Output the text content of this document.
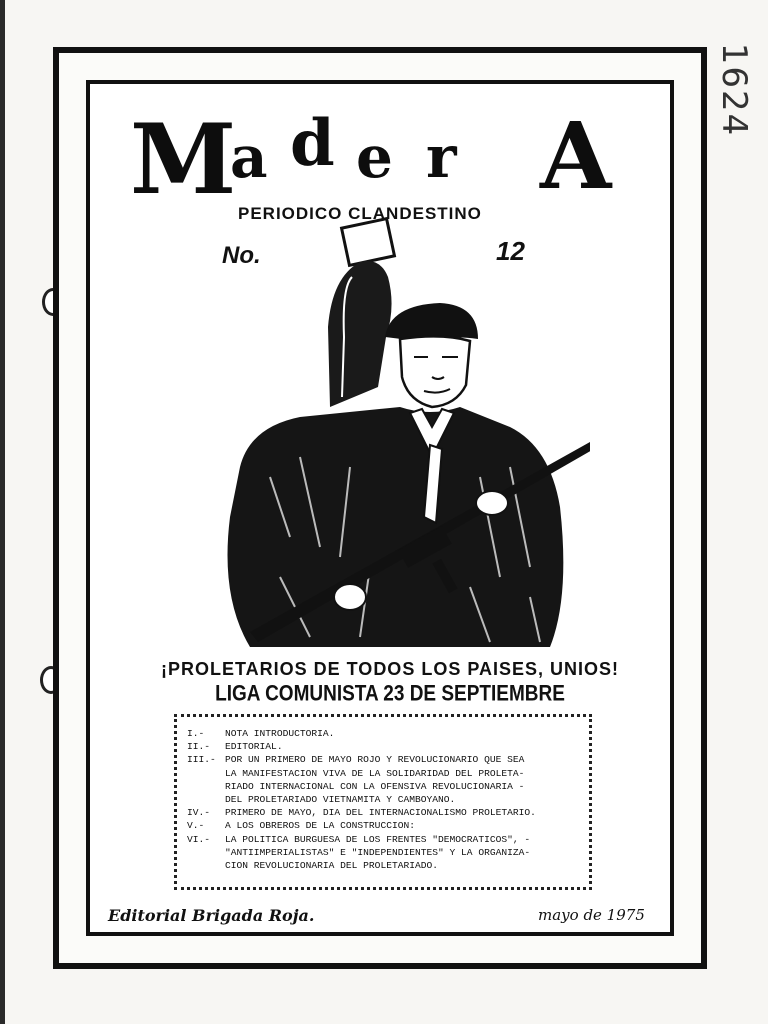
1624
M
a d e r A
PERIODICO CLANDESTINO
No.	12
¡PROLETARIOS DE TODOS LOS PAISES, UNIOS!
LIGA COMUNISTA 23 DE SEPTIEMBRE
I.-	NOTA INTRODUCTORIA.
II.-	EDITORIAL.
III.- POR UN PRIMERO DE MAYO ROJO Y REVOLUCIONARIO QUE SEA
LA MANIFESTACION VIVA DE LA SOLIDARIDAD DEL PROLETA-
RIADO INTERNACIONAL CON LA OFENSIVA REVOLUCIONARIA -
DEL PROLETARIADO VIETNAMITA Y CAMBOYANO.
IV.-	PRIMERO DE MAYO, DIA DEL INTERNACIONALISMO PROLETARIO.
V.-	A LOS OBREROS DE LA CONSTRUCCION:
VI.-	LA POLITICA BURGUESA DE LOS FRENTES "DEMOCRATICOS", -
"ANTIIMPERIALISTAS" E "INDEPENDIENTES" Y LA ORGANIZA-
CION REVOLUCIONARIA DEL PROLETARIADO.
Editorial Brigada Roja.	mayo de 1975
